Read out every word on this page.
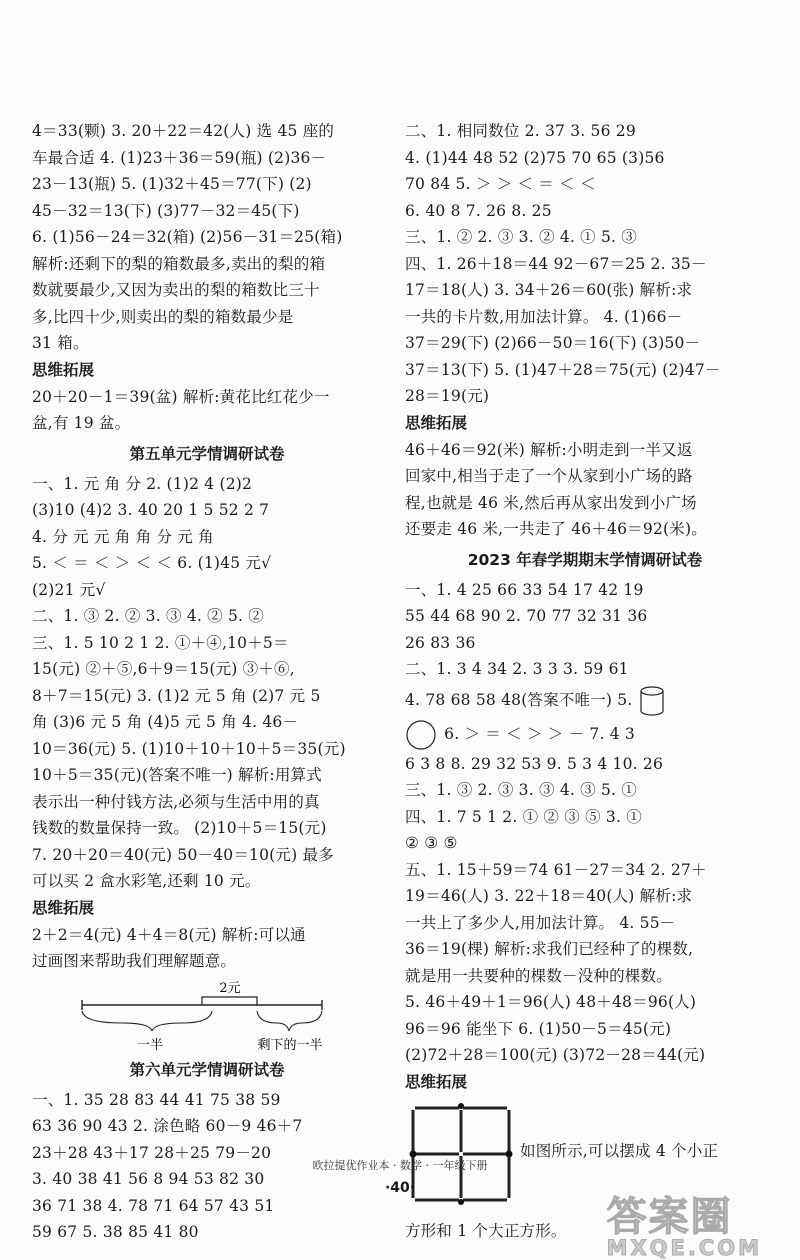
4＝33(颗) 3. 20＋22＝42(人) 选 45 座的
车最合适 4. (1)23＋36＝59(瓶) (2)36－
23－13(瓶) 5. (1)32＋45＝77(下) (2)
45－32＝13(下) (3)77－32＝45(下)
6. (1)56－24＝32(箱) (2)56－31＝25(箱)
解析:还剩下的梨的箱数最多,卖出的梨的箱
数就要最少,又因为卖出的梨的箱数比三十
多,比四十少,则卖出的梨的箱数最少是
31 箱。
思维拓展
20＋20－1＝39(盆) 解析:黄花比红花少一
盆,有 19 盆。
第五单元学情调研试卷
一、1. 元 角 分 2. (1)2 4 (2)2
(3)10 (4)2 3. 40 20 1 5 52 2 7
4. 分 元 元 角 角 分 元 角
5. ＜ ＝ ＜ ＞ ＜ ＜ 6. (1)45 元√
(2)21 元√
二、1. ③ 2. ② 3. ③ 4. ② 5. ②
三、1. 5 10 2 1 2. ①＋④,10＋5＝
15(元) ②＋⑤,6＋9＝15(元) ③＋⑥,
8＋7＝15(元) 3. (1)2 元 5 角 (2)7 元 5
角 (3)6 元 5 角 (4)5 元 5 角 4. 46－
10＝36(元) 5. (1)10＋10＋10＋5＝35(元)
10＋5＝35(元)(答案不唯一) 解析:用算式
表示出一种付钱方法,必须与生活中用的真
钱数的数量保持一致。 (2)10＋5＝15(元)
7. 20＋20＝40(元) 50－40＝10(元) 最多
可以买 2 盒水彩笔,还剩 10 元。
思维拓展
2＋2＝4(元) 4＋4＝8(元) 解析:可以通
过画图来帮助我们理解题意。
2元
一半	剩下的一半
第六单元学情调研试卷
一、1. 35 28 83 44 41 75 38 59
63 36 90 43 2. 涂色略 60－9 46＋7
23＋28 43＋17 28＋25 79－20
3. 40 38 41 56 8 94 53 82 30
36 71 38 4. 78 71 64 57 43 51
59 67 5. 38 85 41 80
二、1. 相同数位 2. 37 3. 56 29
4. (1)44 48 52 (2)75 70 65 (3)56
70 84 5. ＞ ＞ ＜ ＝ ＜ ＜
6. 40 8 7. 26 8. 25
三、1. ② 2. ③ 3. ② 4. ① 5. ③
四、1. 26＋18＝44 92－67＝25 2. 35－
17＝18(人) 3. 34＋26＝60(张) 解析:求
一共的卡片数,用加法计算。 4. (1)66－
37＝29(下) (2)66－50＝16(下) (3)50－
37＝13(下) 5. (1)47＋28＝75(元) (2)47－
28＝19(元)
思维拓展
46＋46＝92(米) 解析:小明走到一半又返
回家中,相当于走了一个从家到小广场的路
程,也就是 46 米,然后再从家出发到小广场
还要走 46 米,一共走了 46＋46＝92(米)。
2023 年春学期期末学情调研试卷
一、1. 4 25 66 33 54 17 42 19
55 44 68 90 2. 70 77 32 31 36
26 83 36
二、1. 3 4 34 2. 3 3 3. 59 61
4. 78 68 58 48(答案不唯一) 5.
6. ＞ ＝ ＜ ＞ ＞ － 7. 4 3
6 3 8 8. 29 32 53 9. 5 3 4 10. 26
三、1. ③ 2. ③ 3. ③ 4. ③ 5. ①
四、1. 7 5 1 2. ① ② ③ ⑤ 3. ①
② ③ ⑤
五、1. 15＋59＝74 61－27＝34 2. 27＋
19＝46(人) 3. 22＋18＝40(人) 解析:求
一共上了多少人,用加法计算。 4. 55－
36＝19(棵) 解析:求我们已经种了的棵数,
就是用一共要种的棵数－没种的棵数。
5. 46＋49＋1＝96(人) 48＋48＝96(人)
96＝96 能坐下 6. (1)50－5＝45(元)
(2)72＋28＝100(元) (3)72－28＝44(元)
思维拓展
如图所示,可以摆成 4 个小正
方形和 1 个大正方形。
欧拉提优作业本 · 数学 · 一年级下册
·40·
答案圈
MXQE.COM
